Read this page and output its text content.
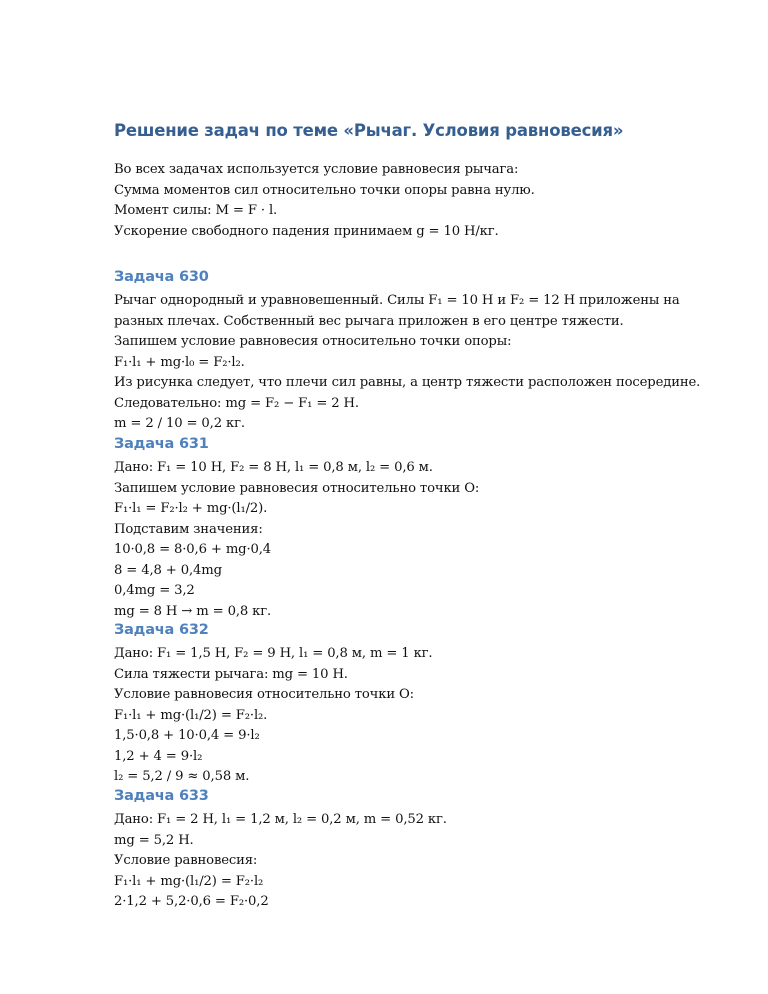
Решение задач по теме «Рычаг. Условия равновесия»
Во всех задачах используется условие равновесия рычага:
Сумма моментов сил относительно точки опоры равна нулю.
Момент силы: M = F · l.
Ускорение свободного падения принимаем g = 10 Н/кг.
Задача 630
Рычаг однородный и уравновешенный. Силы F₁ = 10 Н и F₂ = 12 Н приложены на
разных плечах. Собственный вес рычага приложен в его центре тяжести.
Запишем условие равновесия относительно точки опоры:
F₁·l₁ + mg·l₀ = F₂·l₂.
Из рисунка следует, что плечи сил равны, а центр тяжести расположен посередине.
Следовательно: mg = F₂ − F₁ = 2 Н.
m = 2 / 10 = 0,2 кг.
Задача 631
Дано: F₁ = 10 Н, F₂ = 8 Н, l₁ = 0,8 м, l₂ = 0,6 м.
Запишем условие равновесия относительно точки O:
F₁·l₁ = F₂·l₂ + mg·(l₁/2).
Подставим значения:
10·0,8 = 8·0,6 + mg·0,4
8 = 4,8 + 0,4mg
0,4mg = 3,2
mg = 8 Н → m = 0,8 кг.
Задача 632
Дано: F₁ = 1,5 Н, F₂ = 9 Н, l₁ = 0,8 м, m = 1 кг.
Сила тяжести рычага: mg = 10 Н.
Условие равновесия относительно точки O:
F₁·l₁ + mg·(l₁/2) = F₂·l₂.
1,5·0,8 + 10·0,4 = 9·l₂
1,2 + 4 = 9·l₂
l₂ = 5,2 / 9 ≈ 0,58 м.
Задача 633
Дано: F₁ = 2 Н, l₁ = 1,2 м, l₂ = 0,2 м, m = 0,52 кг.
mg = 5,2 Н.
Условие равновесия:
F₁·l₁ + mg·(l₁/2) = F₂·l₂
2·1,2 + 5,2·0,6 = F₂·0,2
